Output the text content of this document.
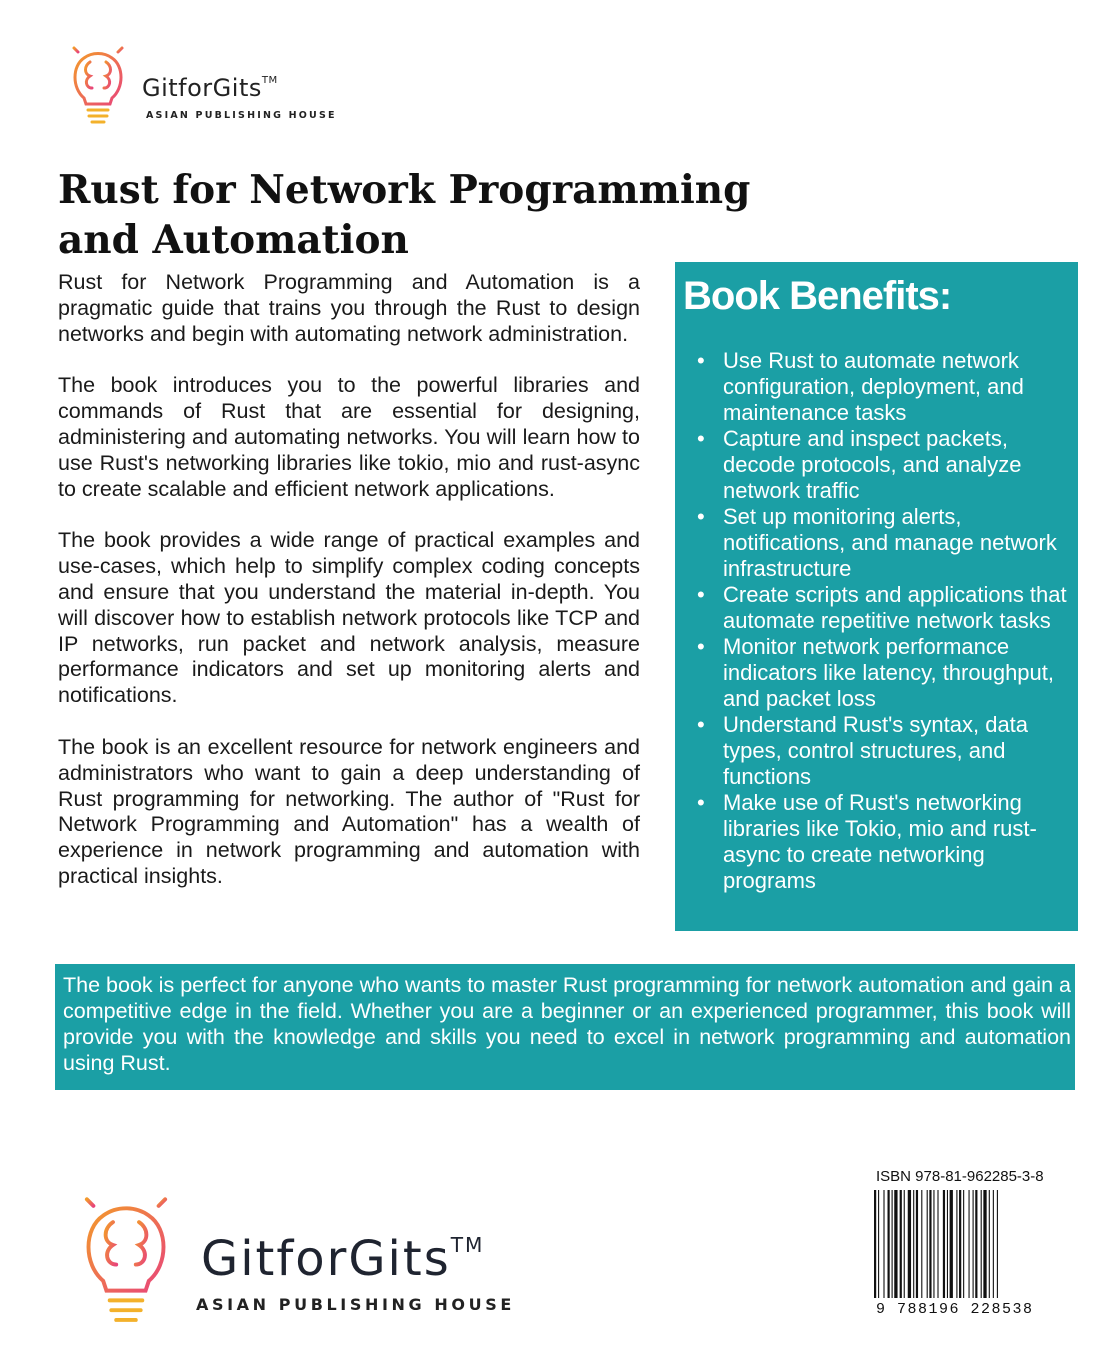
GitforGits™
ASIAN PUBLISHING HOUSE
Rust for Network Programming
and Automation

Rust for Network Programming and Automation is a pragmatic guide that trains you through the Rust to design networks and begin with automating network administration.

The book introduces you to the powerful libraries and commands of Rust that are essential for designing, administering and automating networks. You will learn how to use Rust's networking libraries like tokio, mio and rust-async to create scalable and efficient network applications.

The book provides a wide range of practical examples and use-cases, which help to simplify complex coding concepts and ensure that you understand the material in-depth. You will discover how to establish network protocols like TCP and IP networks, run packet and network analysis, measure performance indicators and set up monitoring alerts and notifications.

The book is an excellent resource for network engineers and administrators who want to gain a deep understanding of Rust programming for networking. The author of "Rust for Network Programming and Automation" has a wealth of experience in network programming and automation with practical insights.

Book Benefits:
• Use Rust to automate network configuration, deployment, and maintenance tasks
• Capture and inspect packets, decode protocols, and analyze network traffic
• Set up monitoring alerts, notifications, and manage network infrastructure
• Create scripts and applications that automate repetitive network tasks
• Monitor network performance indicators like latency, throughput, and packet loss
• Understand Rust's syntax, data types, control structures, and functions
• Make use of Rust's networking libraries like Tokio, mio and rust-async to create networking programs

The book is perfect for anyone who wants to master Rust programming for network automation and gain a competitive edge in the field. Whether you are a beginner or an experienced programmer, this book will provide you with the knowledge and skills you need to excel in network programming and automation using Rust.

GitforGits™
ASIAN PUBLISHING HOUSE
ISBN 978-81-962285-3-8
9 788196 228538
